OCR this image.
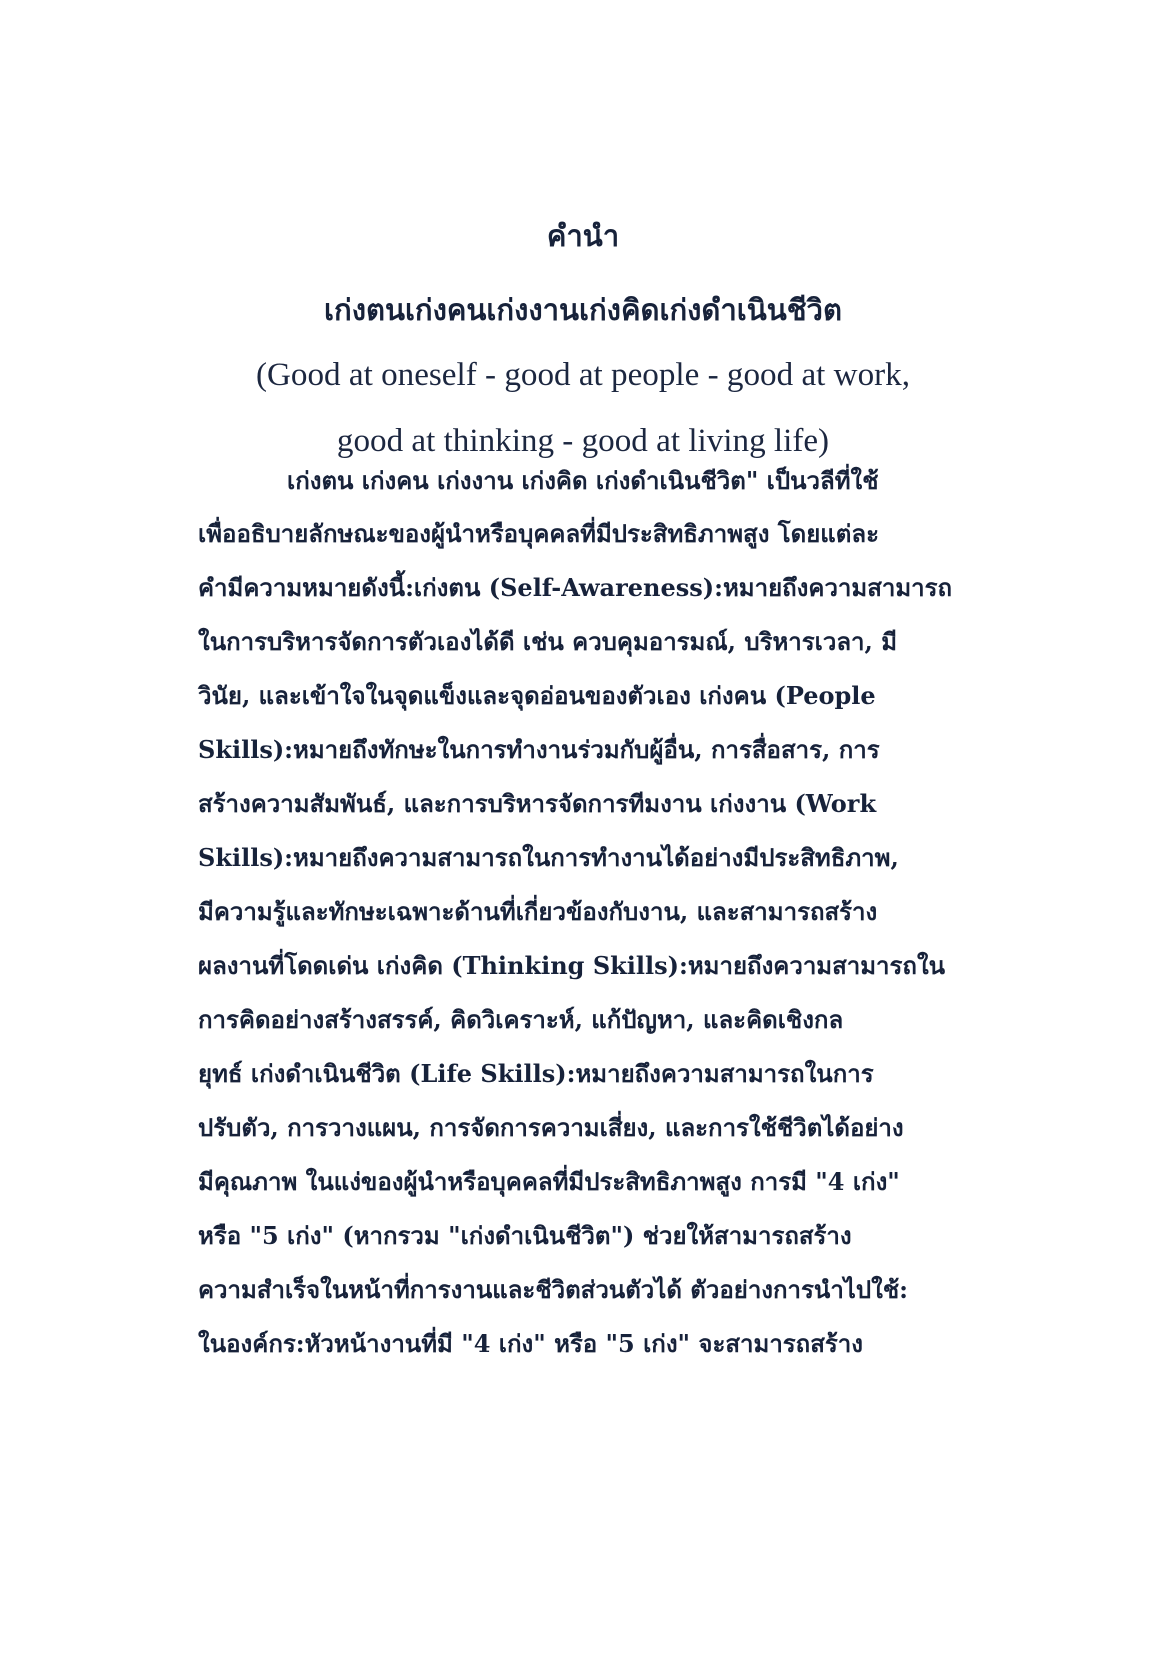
คำนำ
เก่งตนเก่งคนเก่งงานเก่งคิดเก่งดำเนินชีวิต
(Good at oneself - good at people - good at work,
good at thinking - good at living life)
เก่งตน เก่งคน เก่งงาน เก่งคิด เก่งดำเนินชีวิต" เป็นวลีที่ใช้
เพื่ออธิบายลักษณะของผู้นำหรือบุคคลที่มีประสิทธิภาพสูง โดยแต่ละ
คำมีความหมายดังนี้:เก่งตน (Self-Awareness):หมายถึงความสามารถ
ในการบริหารจัดการตัวเองได้ดี เช่น ควบคุมอารมณ์, บริหารเวลา, มี
วินัย, และเข้าใจในจุดแข็งและจุดอ่อนของตัวเอง เก่งคน (People
Skills):หมายถึงทักษะในการทำงานร่วมกับผู้อื่น, การสื่อสาร, การ
สร้างความสัมพันธ์, และการบริหารจัดการทีมงาน เก่งงาน (Work
Skills):หมายถึงความสามารถในการทำงานได้อย่างมีประสิทธิภาพ,
มีความรู้และทักษะเฉพาะด้านที่เกี่ยวข้องกับงาน, และสามารถสร้าง
ผลงานที่โดดเด่น เก่งคิด (Thinking Skills):หมายถึงความสามารถใน
การคิดอย่างสร้างสรรค์, คิดวิเคราะห์, แก้ปัญหา, และคิดเชิงกล
ยุทธ์ เก่งดำเนินชีวิต (Life Skills):หมายถึงความสามารถในการ
ปรับตัว, การวางแผน, การจัดการความเสี่ยง, และการใช้ชีวิตได้อย่าง
มีคุณภาพ ในแง่ของผู้นำหรือบุคคลที่มีประสิทธิภาพสูง การมี "4 เก่ง"
หรือ "5 เก่ง" (หากรวม "เก่งดำเนินชีวิต") ช่วยให้สามารถสร้าง
ความสำเร็จในหน้าที่การงานและชีวิตส่วนตัวได้ ตัวอย่างการนำไปใช้:
ในองค์กร:หัวหน้างานที่มี "4 เก่ง" หรือ "5 เก่ง" จะสามารถสร้าง
